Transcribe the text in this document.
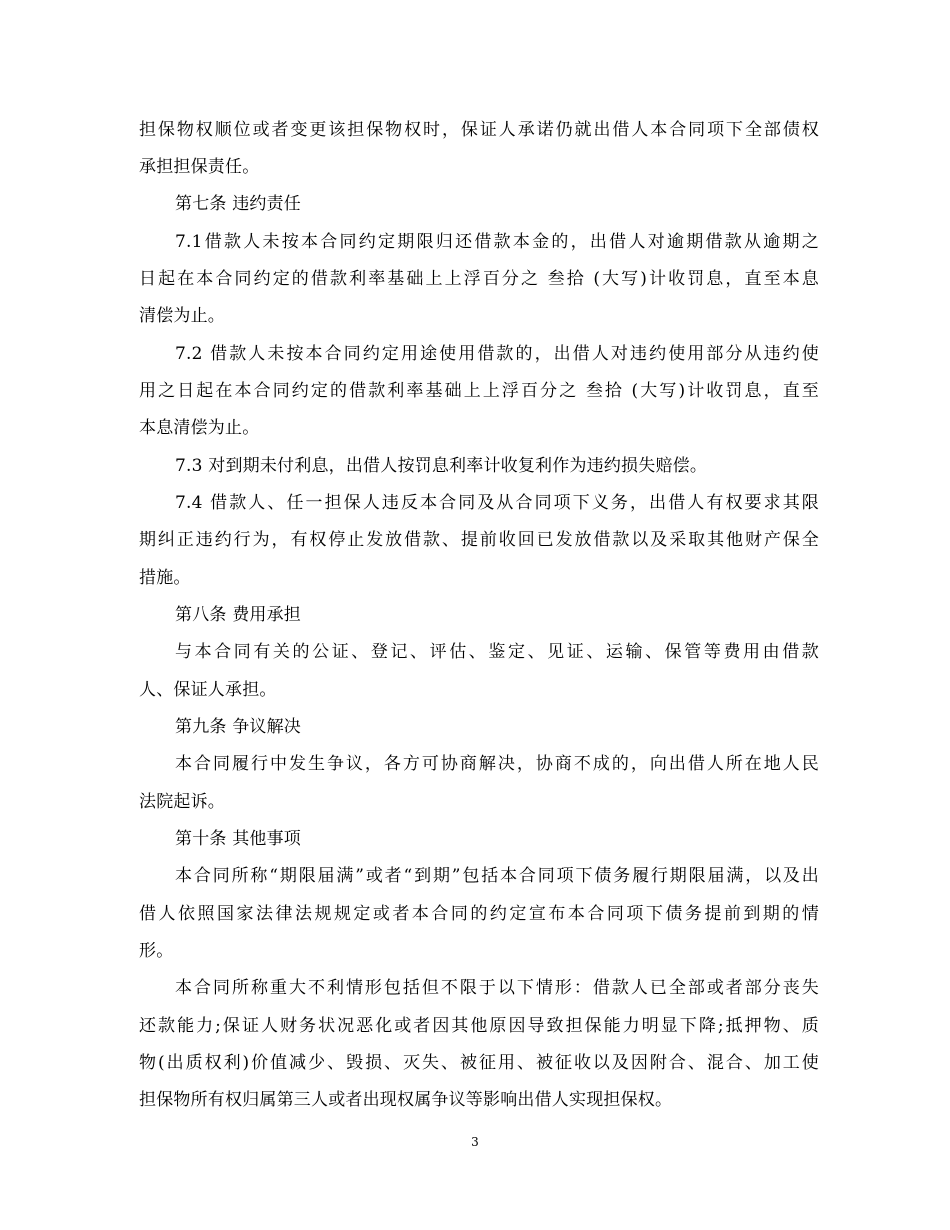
担保物权顺位或者变更该担保物权时，保证人承诺仍就出借人本合同项下全部债权
承担担保责任。
第七条 违约责任
7.1借款人未按本合同约定期限归还借款本金的，出借人对逾期借款从逾期之
日起在本合同约定的借款利率基础上上浮百分之 叁拾 (大写)计收罚息，直至本息
清偿为止。
7.2 借款人未按本合同约定用途使用借款的，出借人对违约使用部分从违约使
用之日起在本合同约定的借款利率基础上上浮百分之 叁拾 (大写)计收罚息，直至
本息清偿为止。
7.3 对到期未付利息，出借人按罚息利率计收复利作为违约损失赔偿。
7.4 借款人、任一担保人违反本合同及从合同项下义务，出借人有权要求其限
期纠正违约行为，有权停止发放借款、提前收回已发放借款以及采取其他财产保全
措施。
第八条 费用承担
与本合同有关的公证、登记、评估、鉴定、见证、运输、保管等费用由借款
人、保证人承担。
第九条 争议解决
本合同履行中发生争议，各方可协商解决，协商不成的，向出借人所在地人民
法院起诉。
第十条 其他事项
本合同所称“期限届满”或者“到期”包括本合同项下债务履行期限届满，以及出
借人依照国家法律法规规定或者本合同的约定宣布本合同项下债务提前到期的情
形。
本合同所称重大不利情形包括但不限于以下情形：借款人已全部或者部分丧失
还款能力;保证人财务状况恶化或者因其他原因导致担保能力明显下降;抵押物、质
物(出质权利)价值减少、毁损、灭失、被征用、被征收以及因附合、混合、加工使
担保物所有权归属第三人或者出现权属争议等影响出借人实现担保权。
3
